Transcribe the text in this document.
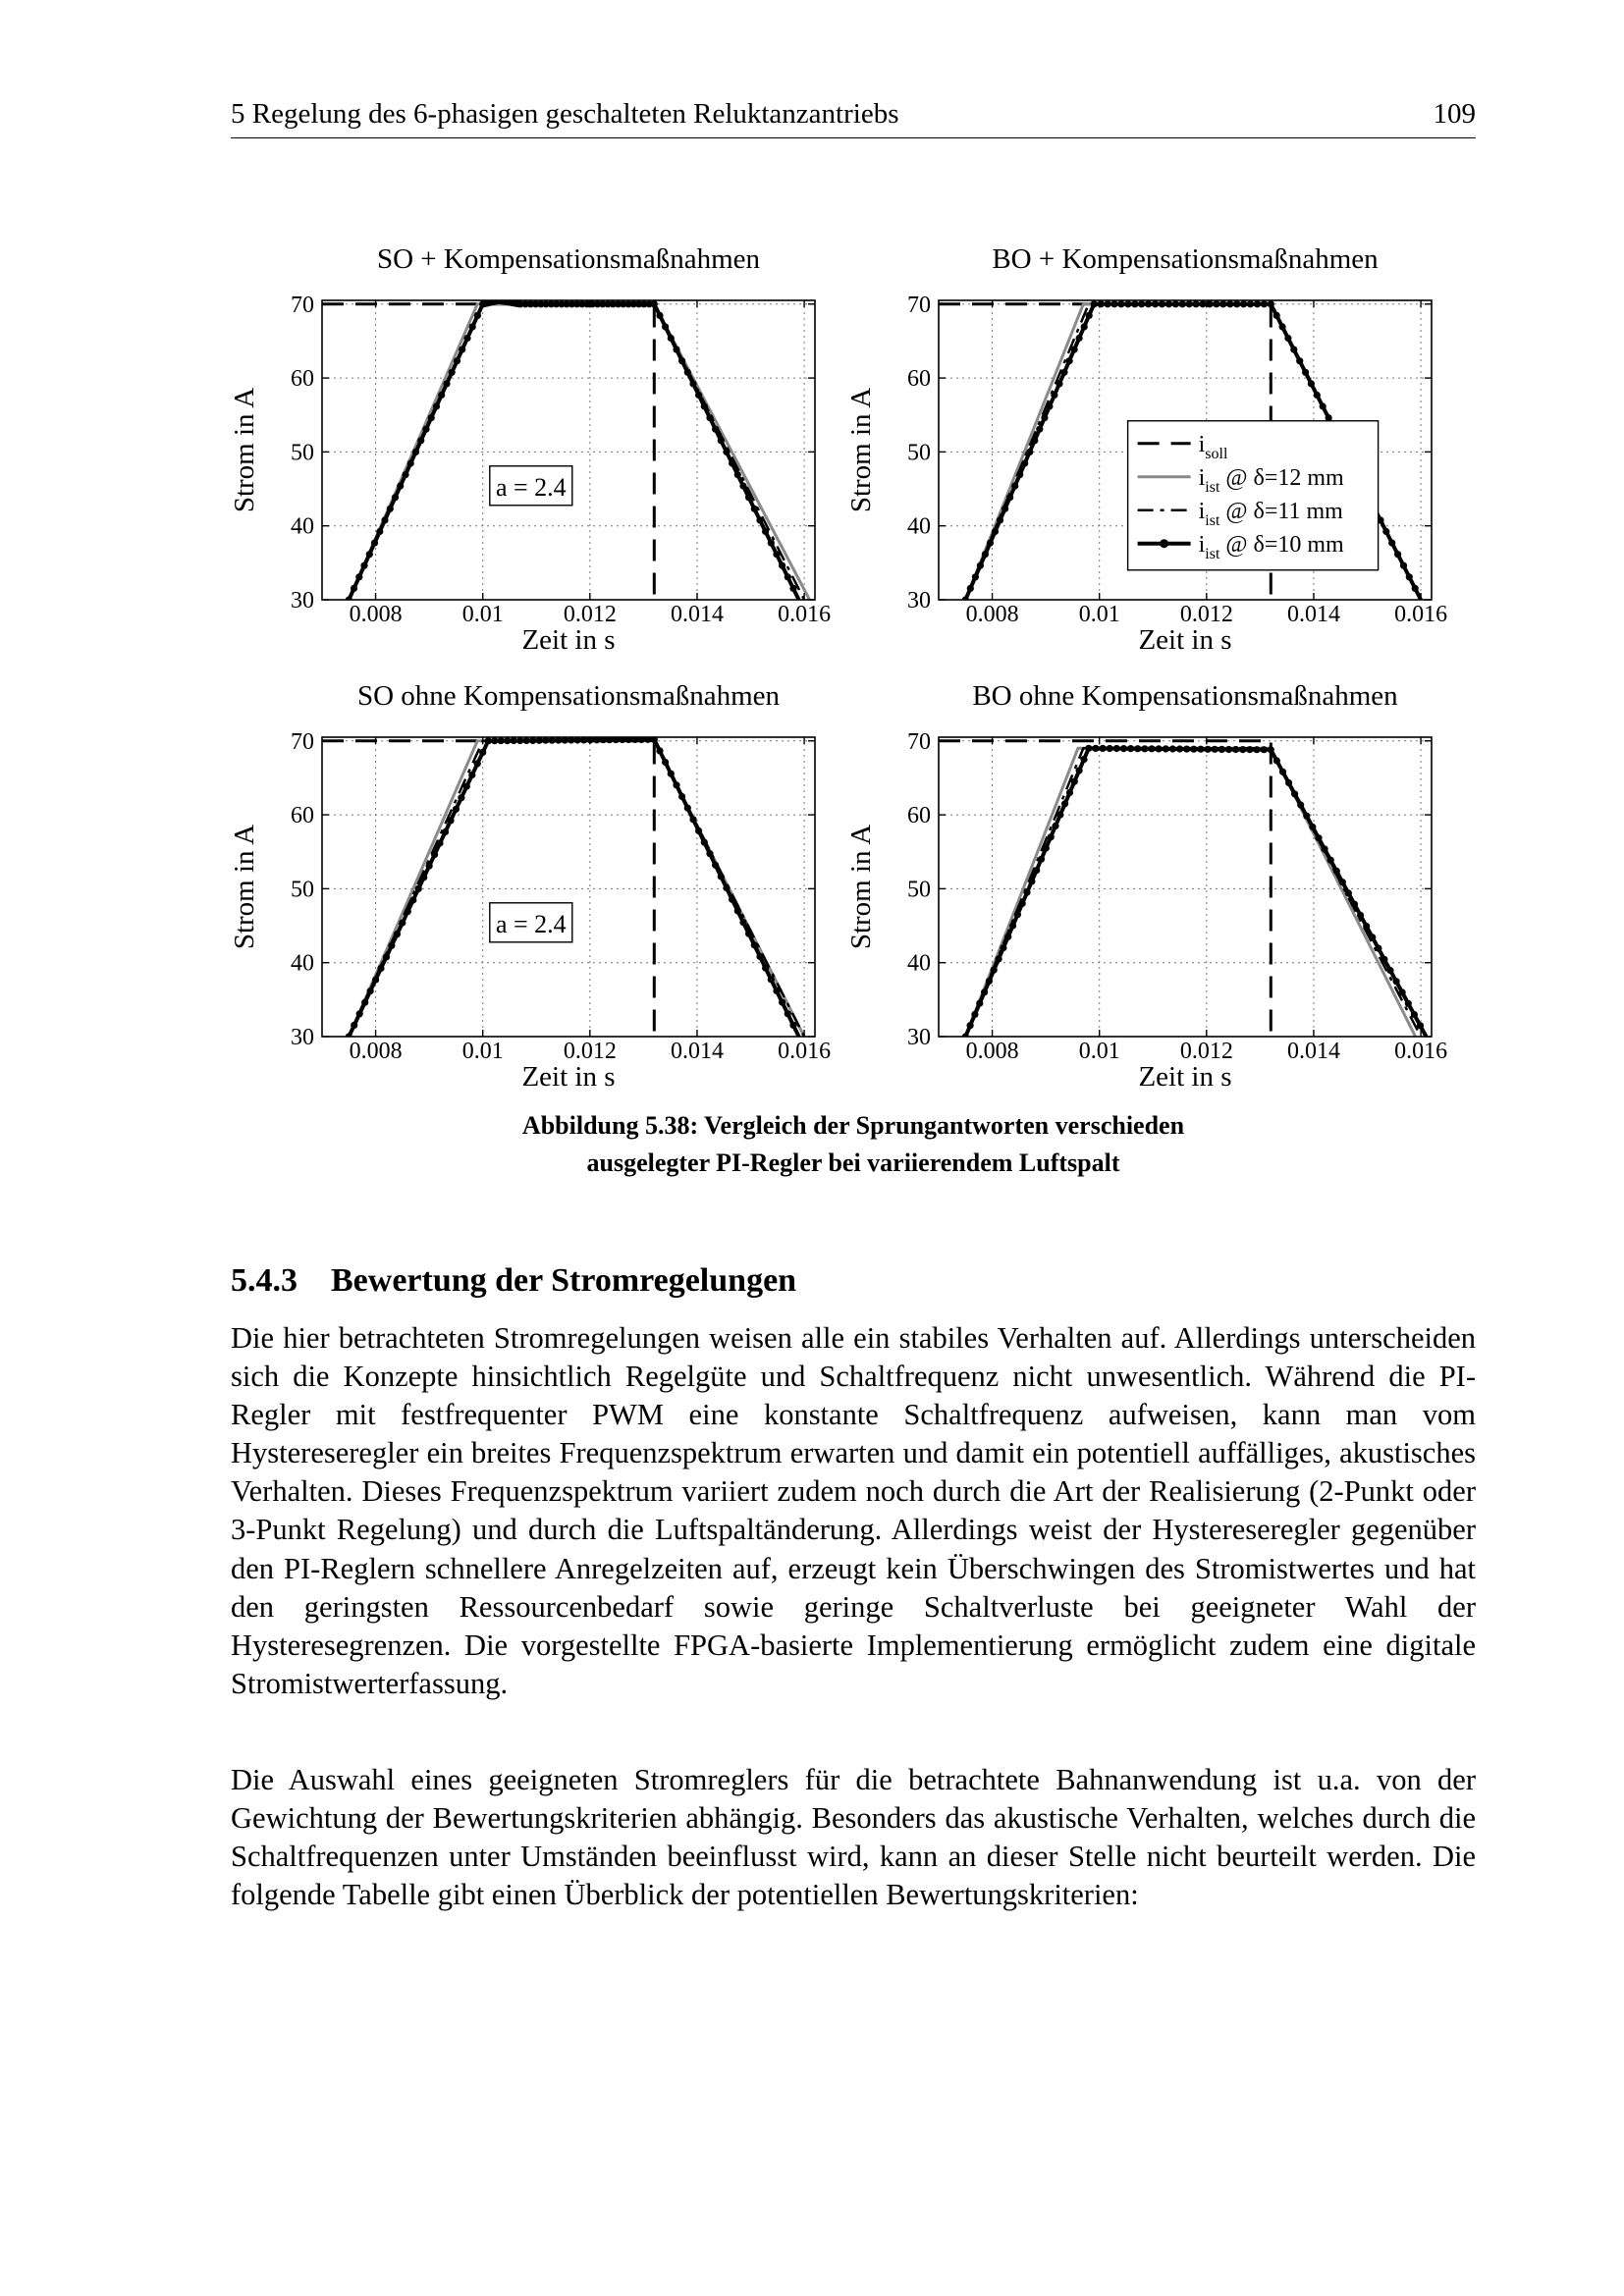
5 Regelung des 6-phasigen geschalteten Reluktanzantriebs	109
0.008	0.01	0.012 0.014 0.016
30
40
50
60
70
SO + Kompensationsmaßnahmen
Zeit in s
Strom in A	a = 2.4
0.008	0.01	0.012 0.014 0.016
30
40
50
60
70
BO + Kompensationsmaßnahmen
Zeit in s
Strom in A	$i_{soll}$
$i_{ist}$ @ δ=12 mm
$i_{ist}$ @ δ=11 mm
$i_{ist}$ @ δ=10 mm
0.008	0.01	0.012 0.014 0.016
30
40
50
60
70
SO ohne Kompensationsmaßnahmen
Zeit in s
Strom in A	a = 2.4
0.008	0.01	0.012 0.014 0.016
30
40
50
60
70
BO ohne Kompensationsmaßnahmen
Zeit in s
Strom in A
Abbildung 5.38: Vergleich der Sprungantworten verschieden
ausgelegter PI-Regler bei variierendem Luftspalt
5.4.3 Bewertung der Stromregelungen

Die hier betrachteten Stromregelungen weisen alle ein stabiles Verhalten auf. Allerdings unterscheiden sich die Konzepte hinsichtlich Regelgüte und Schaltfrequenz nicht unwesentlich. Während die PI-Regler mit festfrequenter PWM eine konstante Schaltfrequenz aufweisen, kann man vom Hystereseregler ein breites Frequenzspektrum erwarten und damit ein potentiell auffälliges, akustisches Verhalten. Dieses Frequenzspektrum variiert zudem noch durch die Art der Realisierung (2-Punkt oder 3-Punkt Regelung) und durch die Luftspaltänderung. Allerdings weist der Hystereseregler gegenüber den PI-Reglern schnellere Anregelzeiten auf, erzeugt kein Überschwingen des Stromistwertes und hat den geringsten Ressourcenbedarf sowie geringe Schaltverluste bei geeigneter Wahl der Hysteresegrenzen. Die vorgestellte FPGA-basierte Implementierung ermöglicht zudem eine digitale Stromistwerterfassung.

Die Auswahl eines geeigneten Stromreglers für die betrachtete Bahnanwendung ist u.a. von der Gewichtung der Bewertungskriterien abhängig. Besonders das akustische Verhalten, welches durch die Schaltfrequenzen unter Umständen beeinflusst wird, kann an dieser Stelle nicht beurteilt werden. Die folgende Tabelle gibt einen Überblick der potentiellen Bewertungskriterien:
